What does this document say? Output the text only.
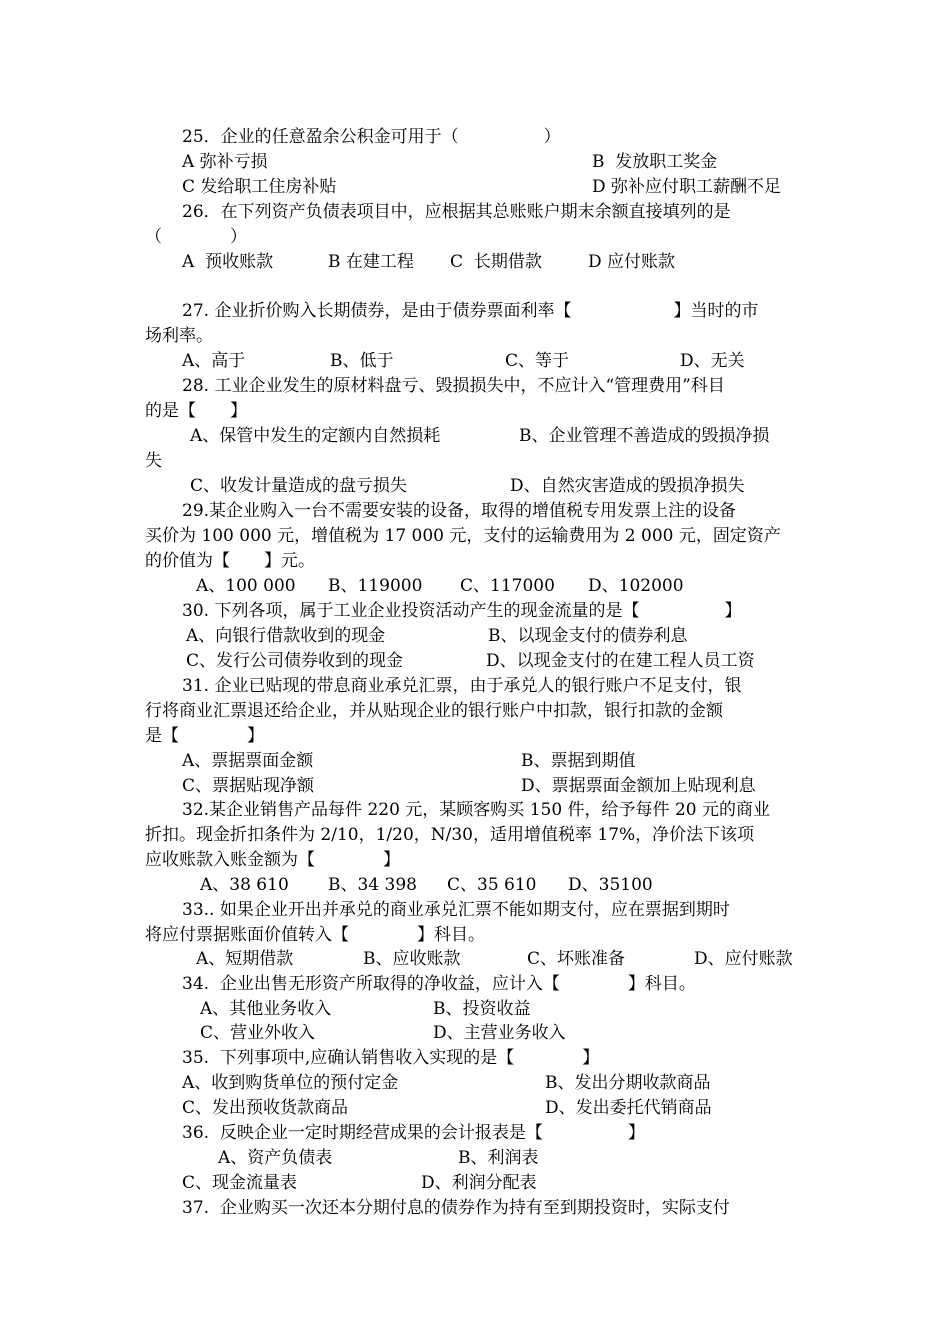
25．企业的任意盈余公积金可用于（　　　　　）
A 弥补亏损	B  发放职工奖金
C 发给职工住房补贴	D 弥补应付职工薪酬不足
26．在下列资产负债表项目中，应根据其总账账户期末余额直接填列的是
（　　　　）
A  预收账款	B 在建工程 C  长期借款	D 应付账款
27. 企业折价购入长期债券，是由于债券票面利率【　　　　　　】当时的市
场利率。
A、高于	B、低于	C、等于	D、无关
28. 工业企业发生的原材料盘亏、毁损损失中，不应计入“管理费用”科目
的是【　　】
A、保管中发生的定额内自然损耗	B、企业管理不善造成的毁损净损
失
C、收发计量造成的盘亏损失	D、自然灾害造成的毁损净损失
29.某企业购入一台不需要安装的设备，取得的增值税专用发票上注的设备
买价为 100 000 元，增值税为 17 000 元，支付的运输费用为 2 000 元，固定资产
的价值为【　　】元。
A、100 000 B、119000 C、117000 D、102000
30. 下列各项，属于工业企业投资活动产生的现金流量的是【　　　　　】
A、向银行借款收到的现金	B、以现金支付的债券利息
C、发行公司债券收到的现金	D、以现金支付的在建工程人员工资
31. 企业已贴现的带息商业承兑汇票，由于承兑人的银行账户不足支付，银
行将商业汇票退还给企业，并从贴现企业的银行账户中扣款，银行扣款的金额
是【　　　　】
A、票据票面金额	B、票据到期值
C、票据贴现净额	D、票据票面金额加上贴现利息
32.某企业销售产品每件 220 元，某顾客购买 150 件，给予每件 20 元的商业
折扣。现金折扣条件为 2/10，1/20，N/30，适用增值税率 17%，净价法下该项
应收账款入账金额为【　　　　】
A、38 610 B、34 398 C、35 610 D、35100
33.. 如果企业开出并承兑的商业承兑汇票不能如期支付，应在票据到期时
将应付票据账面价值转入【　　　　】科目。
A、短期借款	B、应收账款	C、坏账准备	D、应付账款
34.  企业出售无形资产所取得的净收益，应计入【　　　　】科目。
A、其他业务收入	B、投资收益
C、营业外收入	D、主营业务收入
35.  下列事项中,应确认销售收入实现的是【　　　　】
A、收到购货单位的预付定金	B、发出分期收款商品
C、发出预收货款商品	D、发出委托代销商品
36.  反映企业一定时期经营成果的会计报表是【　　　　　】
A、资产负债表	B、利润表
C、现金流量表	D、利润分配表
37.  企业购买一次还本分期付息的债券作为持有至到期投资时，实际支付
